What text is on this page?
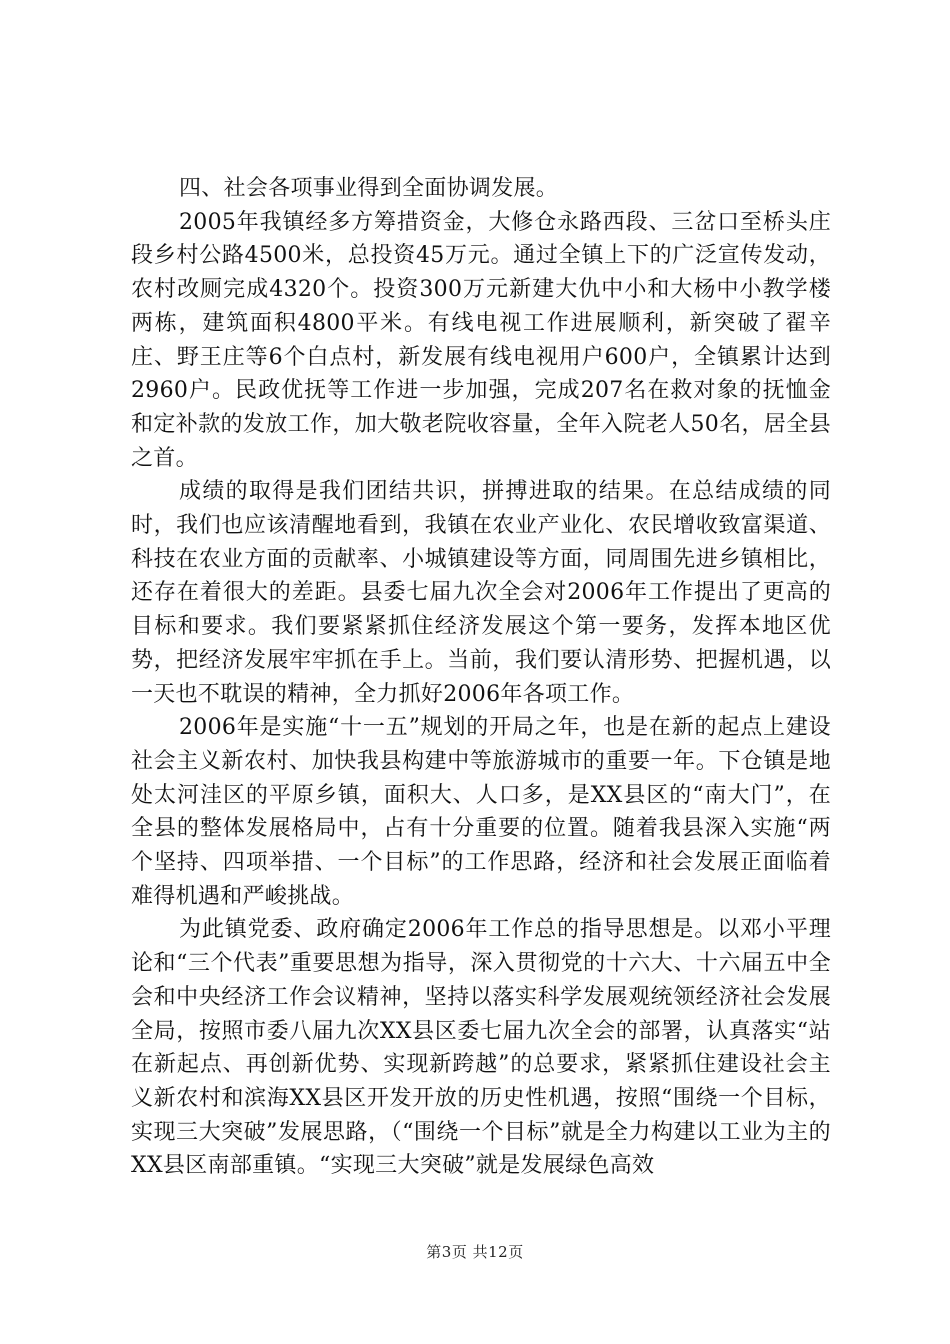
四、社会各项事业得到全面协调发展。

2005年我镇经多方筹措资金，大修仓永路西段、三岔口至桥头庄段乡村公路4500米，总投资45万元。通过全镇上下的广泛宣传发动，农村改厕完成4320个。投资300万元新建大仇中小和大杨中小教学楼两栋，建筑面积4800平米。有线电视工作进展顺利，新突破了翟辛庄、野王庄等6个白点村，新发展有线电视用户600户，全镇累计达到2960户。民政优抚等工作进一步加强，完成207名在救对象的抚恤金和定补款的发放工作，加大敬老院收容量，全年入院老人50名，居全县之首。

成绩的取得是我们团结共识，拼搏进取的结果。在总结成绩的同时，我们也应该清醒地看到，我镇在农业产业化、农民增收致富渠道、科技在农业方面的贡献率、小城镇建设等方面，同周围先进乡镇相比，还存在着很大的差距。县委七届九次全会对2006年工作提出了更高的目标和要求。我们要紧紧抓住经济发展这个第一要务，发挥本地区优势，把经济发展牢牢抓在手上。当前，我们要认清形势、把握机遇，以一天也不耽误的精神，全力抓好2006年各项工作。

2006年是实施“十一五”规划的开局之年，也是在新的起点上建设社会主义新农村、加快我县构建中等旅游城市的重要一年。下仓镇是地处太河洼区的平原乡镇，面积大、人口多，是XX县区的“南大门”，在全县的整体发展格局中，占有十分重要的位置。随着我县深入实施“两个坚持、四项举措、一个目标”的工作思路，经济和社会发展正面临着难得机遇和严峻挑战。

为此镇党委、政府确定2006年工作总的指导思想是。以邓小平理论和“三个代表”重要思想为指导，深入贯彻党的十六大、十六届五中全会和中央经济工作会议精神，坚持以落实科学发展观统领经济社会发展全局，按照市委八届九次XX县区委七届九次全会的部署，认真落实“站在新起点、再创新优势、实现新跨越”的总要求，紧紧抓住建设社会主义新农村和滨海XX县区开发开放的历史性机遇，按照“围绕一个目标，实现三大突破”发展思路，（“围绕一个目标”就是全力构建以工业为主的XX县区南部重镇。“实现三大突破”就是发展绿色高效

第3页 共12页
